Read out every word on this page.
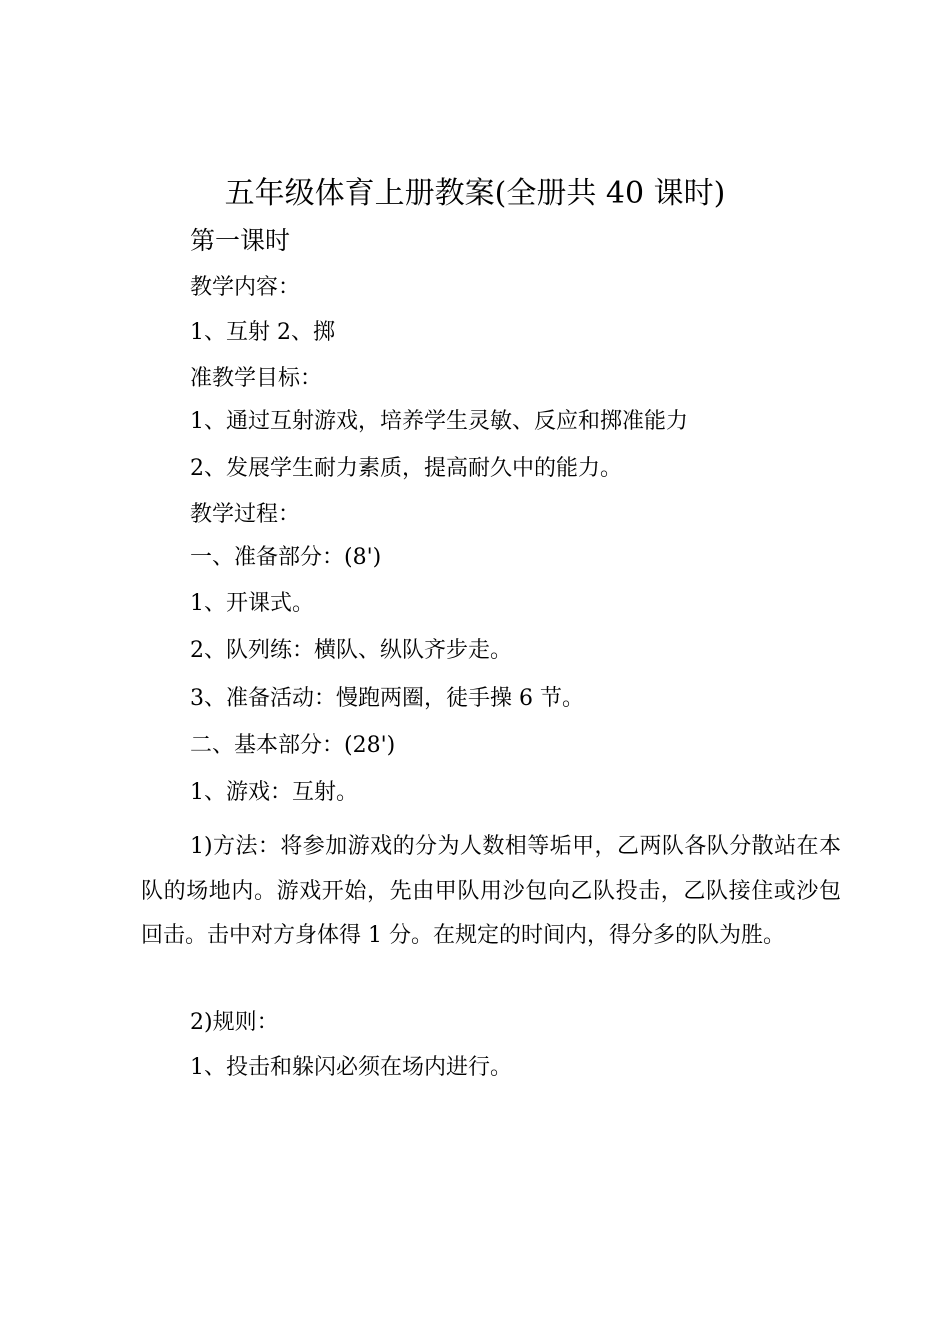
五年级体育上册教案(全册共 40 课时)
第一课时
教学内容：
1、互射 2、掷
准教学目标：
1、通过互射游戏，培养学生灵敏、反应和掷准能力
2、发展学生耐力素质，提高耐久中的能力。
教学过程：
一、准备部分：(8')
1、开课式。
2、队列练：横队、纵队齐步走。
3、准备活动：慢跑两圈，徒手操 6 节。
二、基本部分：(28')
1、游戏：互射。
1)方法：将参加游戏的分为人数相等垢甲，乙两队各队分散站在本队的场地内。游戏开始，先由甲队用沙包向乙队投击，乙队接住或沙包回击。击中对方身体得 1 分。在规定的时间内，得分多的队为胜。
2)规则：
1、投击和躲闪必须在场内进行。
